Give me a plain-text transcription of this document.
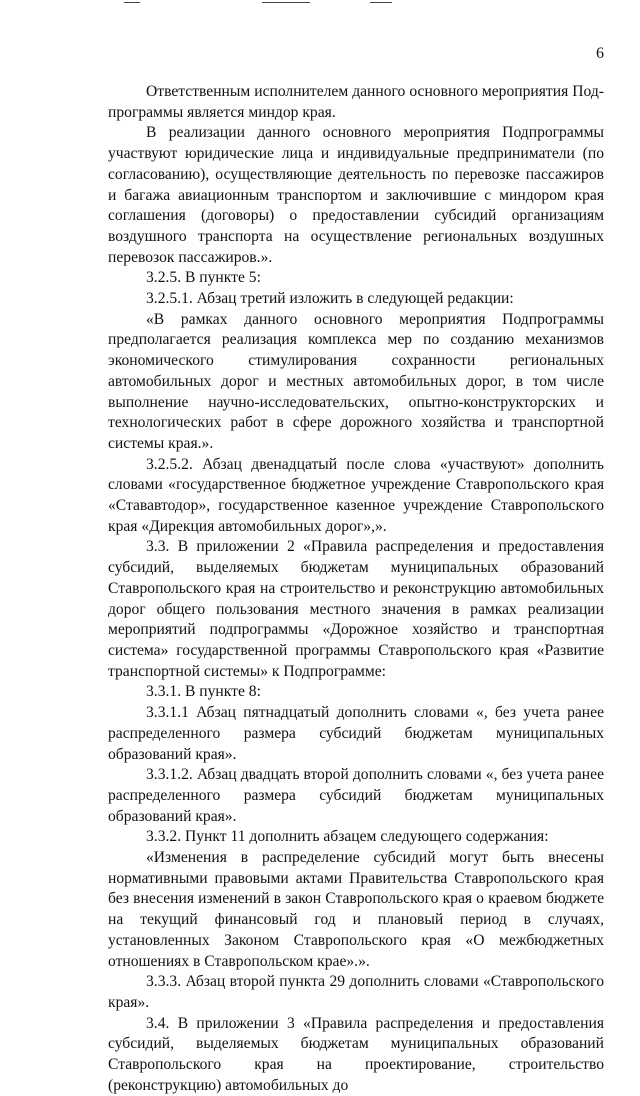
6

Ответственным исполнителем данного основного мероприятия Подпрограммы является миндор края.

В реализации данного основного мероприятия Подпрограммы участвуют юридические лица и индивидуальные предприниматели (по согласованию), осуществляющие деятельность по перевозке пассажиров и багажа авиационным транспортом и заключившие с миндором края соглашения (договоры) о предоставлении субсидий организациям воздушного транспорта на осуществление региональных воздушных перевозок пассажиров.».

3.2.5. В пункте 5:

3.2.5.1. Абзац третий изложить в следующей редакции:

«В рамках данного основного мероприятия Подпрограммы предполагается реализация комплекса мер по созданию механизмов экономического стимулирования сохранности региональных автомобильных дорог и местных автомобильных дорог, в том числе выполнение научно-исследовательских, опытно-конструкторских и технологических работ в сфере дорожного хозяйства и транспортной системы края.».

3.2.5.2. Абзац двенадцатый после слова «участвуют» дополнить словами «государственное бюджетное учреждение Ставропольского края «Стававтодор», государственное казенное учреждение Ставропольского края «Дирекция автомобильных дорог»,».

3.3. В приложении 2 «Правила распределения и предоставления субсидий, выделяемых бюджетам муниципальных образований Ставропольского края на строительство и реконструкцию автомобильных дорог общего пользования местного значения в рамках реализации мероприятий подпрограммы «Дорожное хозяйство и транспортная система» государственной программы Ставропольского края «Развитие транспортной системы» к Подпрограмме:

3.3.1. В пункте 8:

3.3.1.1 Абзац пятнадцатый дополнить словами «, без учета ранее распределенного размера субсидий бюджетам муниципальных образований края».

3.3.1.2. Абзац двадцать второй дополнить словами «, без учета ранее распределенного размера субсидий бюджетам муниципальных образований края».

3.3.2. Пункт 11 дополнить абзацем следующего содержания:

«Изменения в распределение субсидий могут быть внесены нормативными правовыми актами Правительства Ставропольского края без внесения изменений в закон Ставропольского края о краевом бюджете на текущий финансовый год и плановый период в случаях, установленных Законом Ставропольского края «О межбюджетных отношениях в Ставропольском крае».».

3.3.3. Абзац второй пункта 29 дополнить словами «Ставропольского края».

3.4. В приложении 3 «Правила распределения и предоставления субсидий, выделяемых бюджетам муниципальных образований Ставропольского края на проектирование, строительство (реконструкцию) автомобильных до
